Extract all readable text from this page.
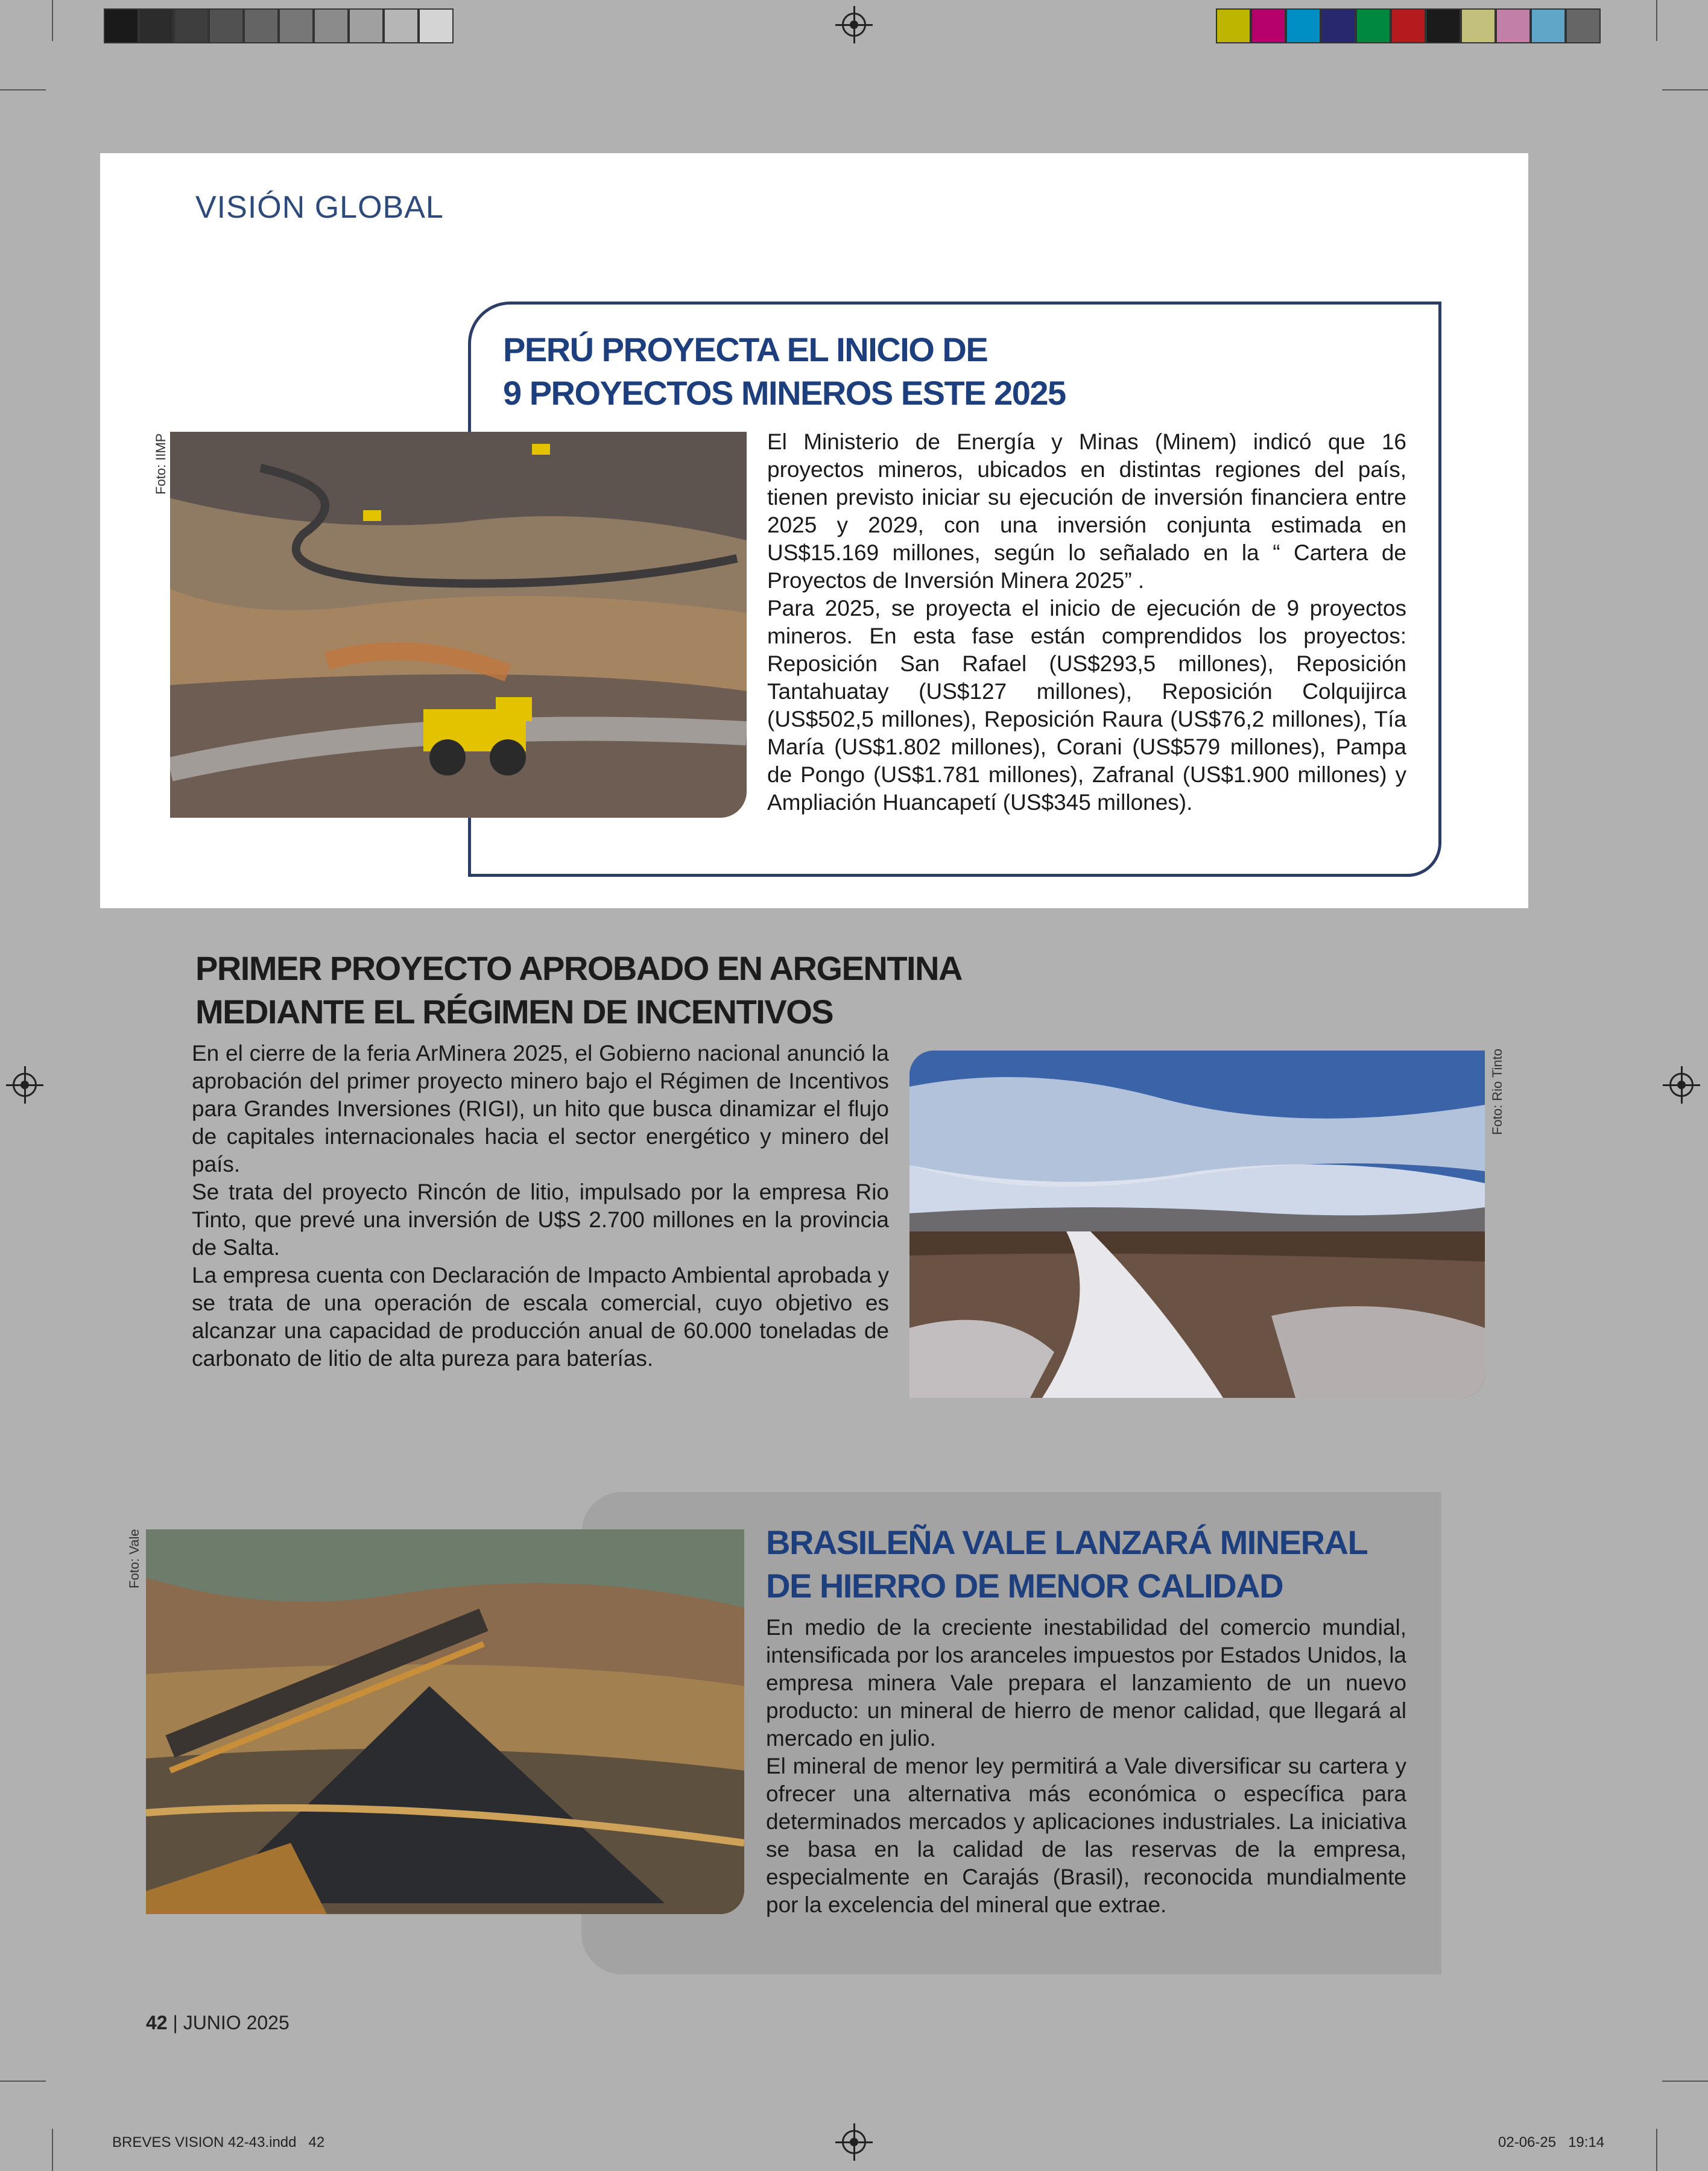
VISIÓN GLOBAL
PERÚ PROYECTA EL INICIO DE
9 PROYECTOS MINEROS ESTE 2025
Foto: IIMP	El Ministerio de Energía y Minas (Minem) indicó que 16 proyectos mineros, ubicados en distintas regiones del país, tienen previsto iniciar su ejecución de inversión financiera entre 2025 y 2029, con una inversión conjunta estimada en US$15.169 millones, según lo señalado en la “ Cartera de Proyectos de Inversión Minera 2025” .

Para 2025, se proyecta el inicio de ejecución de 9 proyectos mineros. En esta fase están comprendidos los proyectos: Reposición San Rafael (US$293,5 millones), Reposición Tantahuatay (US$127 millones), Reposición Colquijirca (US$502,5 millones), Reposición Raura (US$76,2 millones), Tía María (US$1.802 millones), Corani (US$579 millones), Pampa de Pongo (US$1.781 millones), Zafranal (US$1.900 millones) y Ampliación Huancapetí (US$345 millones).

PRIMER PROYECTO APROBADO EN ARGENTINA
MEDIANTE EL RÉGIMEN DE INCENTIVOS

En el cierre de la feria ArMinera 2025, el Gobierno nacional anunció la aprobación del primer proyecto minero bajo el Régimen de Incentivos para Grandes Inversiones (RIGI), un hito que busca dinamizar el flujo de capitales internacionales hacia el sector energético y minero del país.

Se trata del proyecto Rincón de litio, impulsado por la empresa Rio Tinto, que prevé una inversión de U$S 2.700 millones en la provincia de Salta.

La empresa cuenta con Declaración de Impacto Ambiental aprobada y se trata de una operación de escala comercial, cuyo objetivo es alcanzar una capacidad de producción anual de 60.000 toneladas de carbonato de litio de alta pureza para baterías.

Foto: Rio Tinto
Foto: Vale	BRASILEÑA VALE LANZARÁ MINERAL
DE HIERRO DE MENOR CALIDAD

En medio de la creciente inestabilidad del comercio mundial, intensificada por los aranceles impuestos por Estados Unidos, la empresa minera Vale prepara el lanzamiento de un nuevo producto: un mineral de hierro de menor calidad, que llegará al mercado en julio.

El mineral de menor ley permitirá a Vale diversificar su cartera y ofrecer una alternativa más económica o específica para determinados mercados y aplicaciones industriales. La iniciativa se basa en la calidad de las reservas de la empresa, especialmente en Carajás (Brasil), reconocida mundialmente por la excelencia del mineral que extrae.

42 | JUNIO 2025
BREVES VISION 42-43.indd   42	02-06-25   19:14
